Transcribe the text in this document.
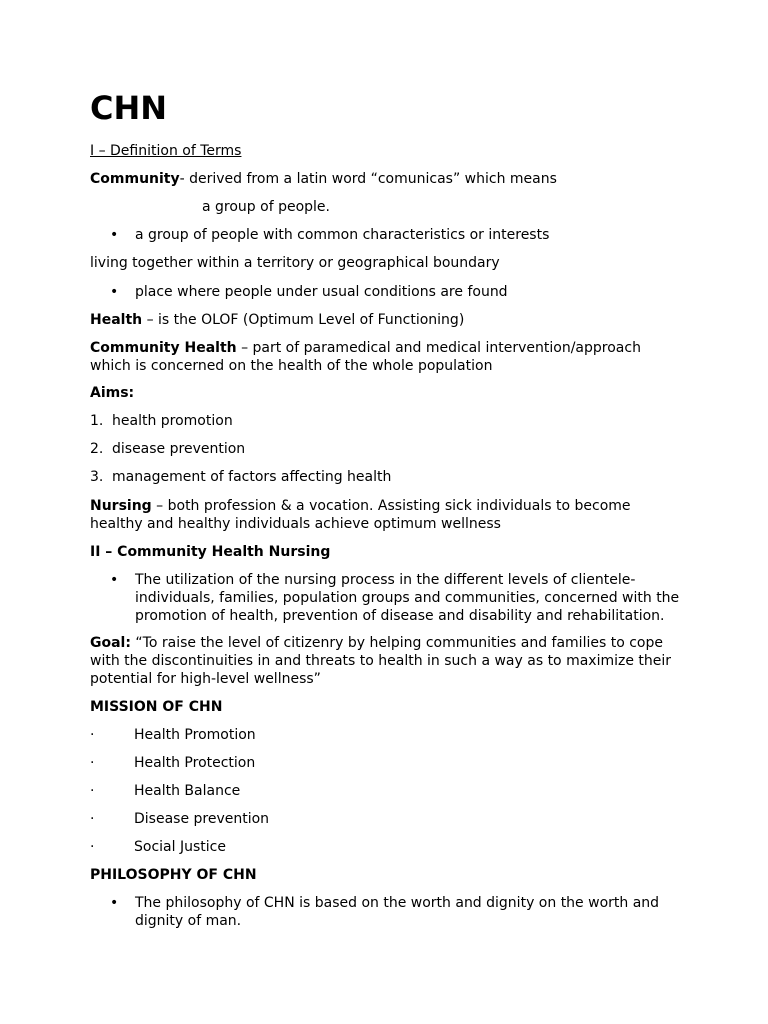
CHN

I – Definition of Terms

Community- derived from a latin word “comunicas” which means

a group of people.

• a group of people with common characteristics or interests

living together within a territory or geographical boundary

• place where people under usual conditions are found

Health – is the OLOF (Optimum Level of Functioning)

Community Health – part of paramedical and medical intervention/approach which is concerned on the health of the whole population

Aims:

1. health promotion

2. disease prevention

3. management of factors affecting health

Nursing – both profession & a vocation. Assisting sick individuals to become healthy and healthy individuals achieve optimum wellness

II – Community Health Nursing

• The utilization of the nursing process in the different levels of clientele-individuals, families, population groups and communities, concerned with the promotion of health, prevention of disease and disability and rehabilitation.

Goal: “To raise the level of citizenry by helping communities and families to cope with the discontinuities in and threats to health in such a way as to maximize their potential for high-level wellness”

MISSION OF CHN

·	Health Promotion
·	Health Protection
·	Health Balance
·	Disease prevention
·	Social Justice

PHILOSOPHY OF CHN

• The philosophy of CHN is based on the worth and dignity on the worth and dignity of man.
